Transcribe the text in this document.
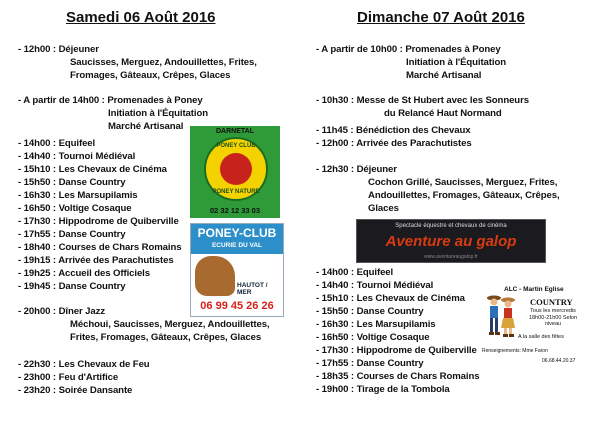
Samedi 06 Août 2016	Dimanche 07 Août 2016
- 12h00 : Déjeuner
Saucisses, Merguez, Andouillettes, Frites,
Fromages, Gâteaux, Crêpes, Glaces
- A partir de 14h00 : Promenades à Poney
Initiation à l'Équitation
Marché Artisanal
- 14h00 : Equifeel
- 14h40 : Tournoi Médiéval
- 15h10 : Les Chevaux de Cinéma
- 15h50 : Danse Country
- 16h30 : Les Marsupilamis
- 16h50 : Voltige Cosaque
- 17h30 : Hippodrome de Quiberville
- 17h55 : Danse Country
- 18h40 : Courses de Chars Romains
- 19h15 : Arrivée des Parachutistes
- 19h25 : Accueil des Officiels
- 19h45 : Danse Country
- 20h00 : Dîner Jazz
Méchoui, Saucisses, Merguez, Andouillettes,
Frites, Fromages, Gâteaux, Crêpes, Glaces
- 22h30 : Les Chevaux de Feu
- 23h00 : Feu d'Artifice
- 23h20 : Soirée Dansante
- A partir de 10h00 : Promenades à Poney
Initiation à l'Équitation
Marché Artisanal
- 10h30 : Messe de St Hubert avec les Sonneurs
du Relancé Haut Normand
- 11h45 : Bénédiction des Chevaux
- 12h00 : Arrivée des Parachutistes
- 12h30 : Déjeuner
Cochon Grillé, Saucisses, Merguez, Frites,
Andouillettes, Fromages, Gâteaux, Crêpes,
Glaces
- 14h00 : Equifeel
- 14h40 : Tournoi Médiéval
- 15h10 : Les Chevaux de Cinéma
- 15h50 : Danse Country
- 16h30 : Les Marsupilamis
- 16h50 : Voltige Cosaque
- 17h30 : Hippodrome de Quiberville
- 17h55 : Danse Country
- 18h35 : Courses de Chars Romains
- 19h00 : Tirage de la Tombola
DARNETAL
PONEY CLUB
PONEY NATURE
02 32 12 33 03
PONEY-CLUB
ECURIE DU VAL
HAUTOT / MER
06 99 45 26 26
Spectacle équestre et chevaux de cinéma
Aventure au galop
www.aventureaugalop.fr
ALC - Martin Eglise
COUNTRY
Tous les mercredis 18h00-21h00 Selon niveau
A la salle des fêtes
Renseignements: Mme Faron
06.68.44.20.37
